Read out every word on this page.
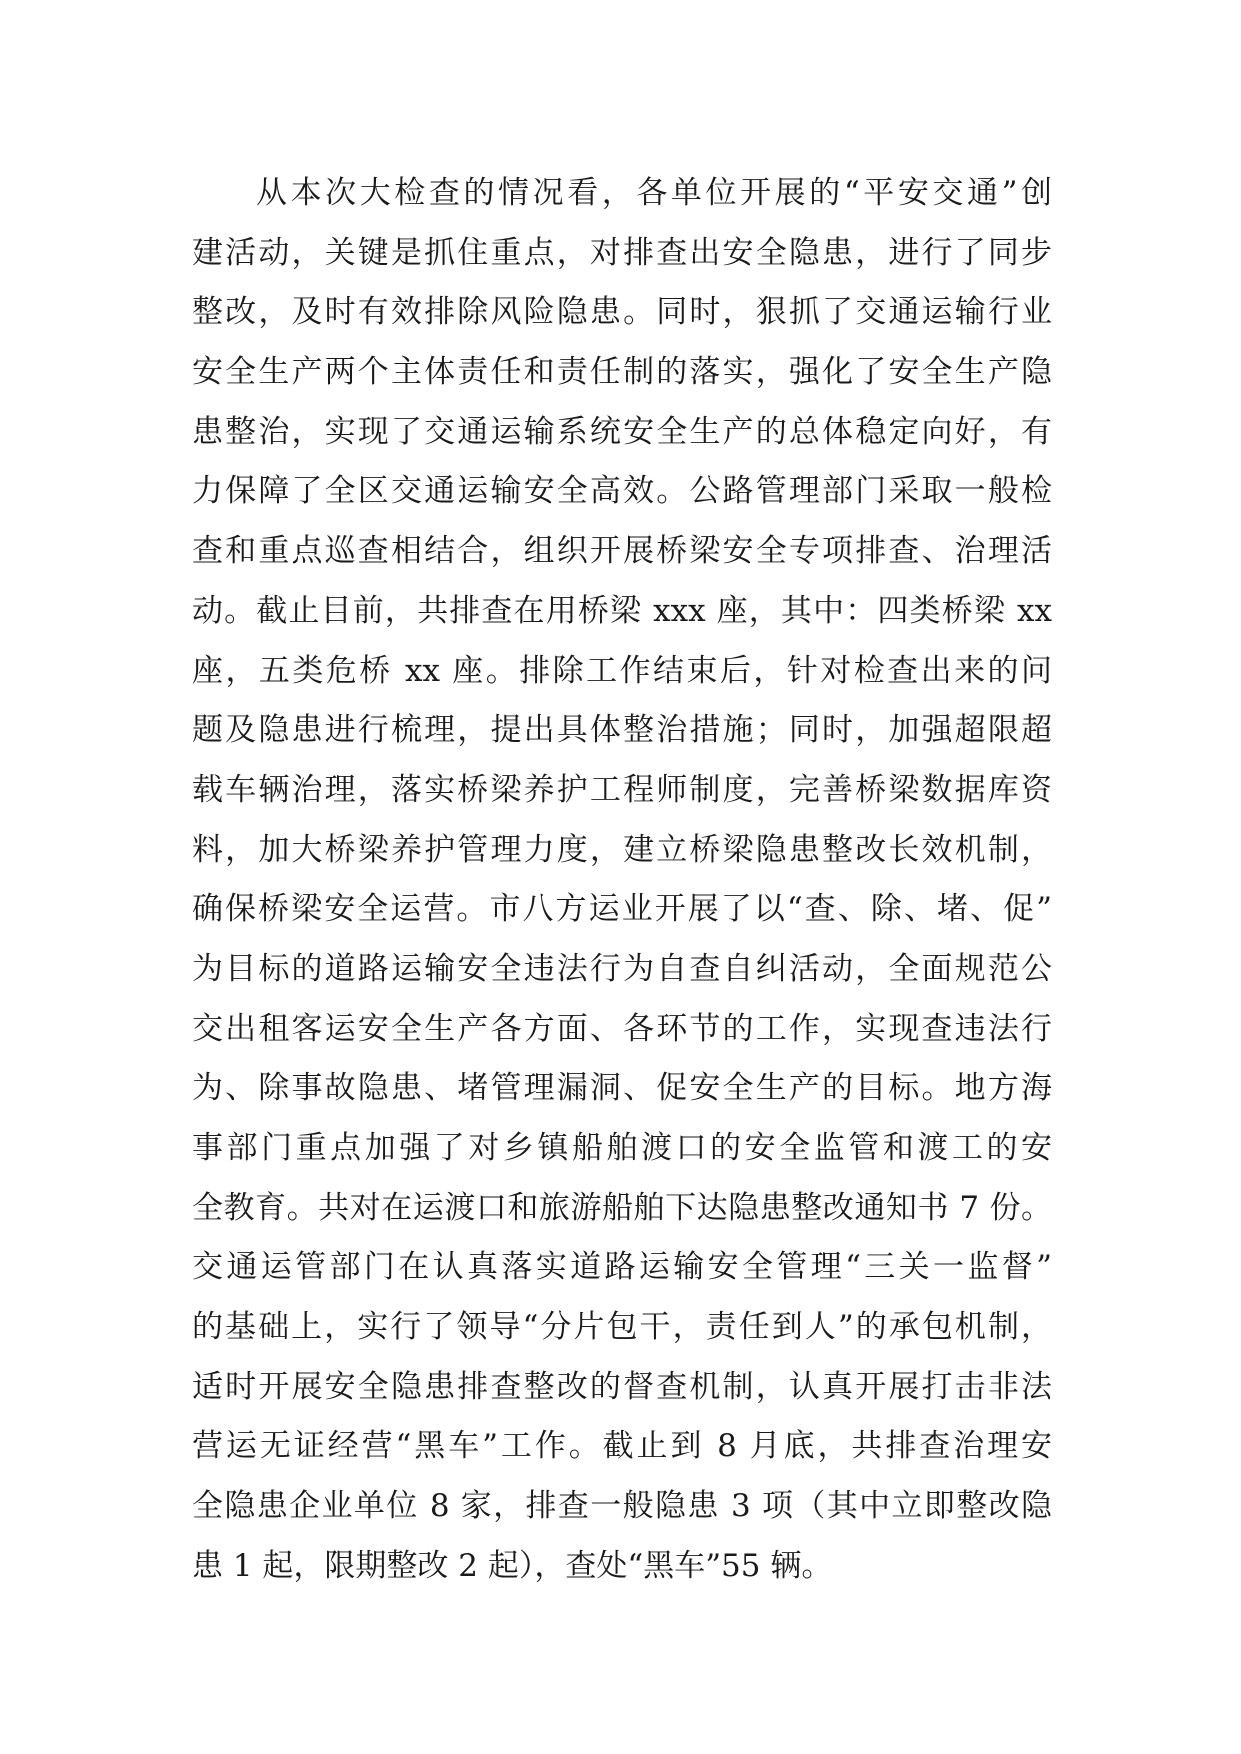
从本次大检查的情况看，各单位开展的“平安交通”创
建活动，关键是抓住重点，对排查出安全隐患，进行了同步
整改，及时有效排除风险隐患。同时，狠抓了交通运输行业
安全生产两个主体责任和责任制的落实，强化了安全生产隐
患整治，实现了交通运输系统安全生产的总体稳定向好，有
力保障了全区交通运输安全高效。公路管理部门采取一般检
查和重点巡查相结合，组织开展桥梁安全专项排查、治理活
动。截止目前，共排查在用桥梁 xxx 座，其中：四类桥梁 xx
座，五类危桥 xx 座。排除工作结束后，针对检查出来的问
题及隐患进行梳理，提出具体整治措施；同时，加强超限超
载车辆治理，落实桥梁养护工程师制度，完善桥梁数据库资
料，加大桥梁养护管理力度，建立桥梁隐患整改长效机制，
确保桥梁安全运营。市八方运业开展了以“查、除、堵、促”
为目标的道路运输安全违法行为自查自纠活动，全面规范公
交出租客运安全生产各方面、各环节的工作，实现查违法行
为、除事故隐患、堵管理漏洞、促安全生产的目标。地方海
事部门重点加强了对乡镇船舶渡口的安全监管和渡工的安
全教育。共对在运渡口和旅游船舶下达隐患整改通知书 7 份。
交通运管部门在认真落实道路运输安全管理“三关一监督”
的基础上，实行了领导“分片包干，责任到人”的承包机制，
适时开展安全隐患排查整改的督查机制，认真开展打击非法
营运无证经营“黑车”工作。截止到 8 月底，共排查治理安
全隐患企业单位 8 家，排查一般隐患 3 项（其中立即整改隐
患 1 起，限期整改 2 起），查处“黑车”55 辆。
